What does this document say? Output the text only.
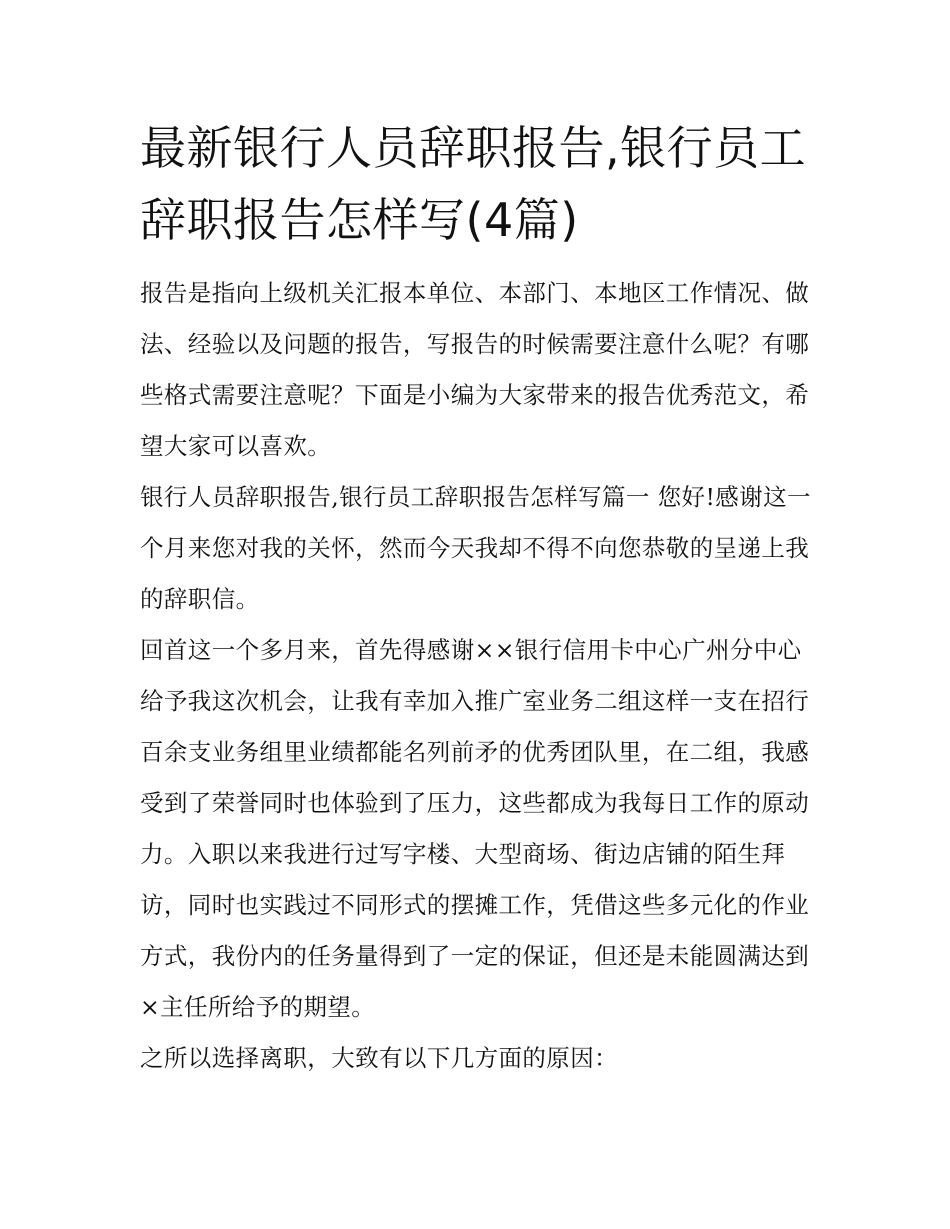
最新银行人员辞职报告,银行员工辞职报告怎样写(4篇)

报告是指向上级机关汇报本单位、本部门、本地区工作情况、做法、经验以及问题的报告，写报告的时候需要注意什么呢？有哪些格式需要注意呢？下面是小编为大家带来的报告优秀范文，希望大家可以喜欢。

银行人员辞职报告,银行员工辞职报告怎样写篇一 您好!感谢这一个月来您对我的关怀，然而今天我却不得不向您恭敬的呈递上我的辞职信。

回首这一个多月来，首先得感谢××银行信用卡中心广州分中心给予我这次机会，让我有幸加入推广室业务二组这样一支在招行百余支业务组里业绩都能名列前矛的优秀团队里，在二组，我感受到了荣誉同时也体验到了压力，这些都成为我每日工作的原动力。入职以来我进行过写字楼、大型商场、街边店铺的陌生拜访，同时也实践过不同形式的摆摊工作，凭借这些多元化的作业方式，我份内的任务量得到了一定的保证，但还是未能圆满达到×主任所给予的期望。

之所以选择离职，大致有以下几方面的原因：
